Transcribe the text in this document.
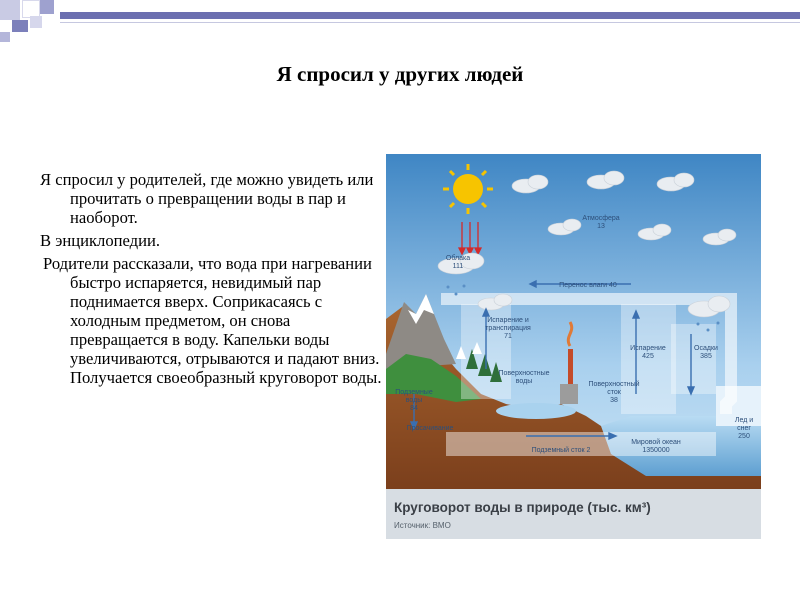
Я спросил у других людей

Я спросил у родителей, где можно увидеть или прочитать о превращении воды в пар и наоборот.

В энциклопедии.

Родители рассказали, что вода при нагревании быстро испаряется, невидимый пар поднимается вверх. Соприкасаясь с холодным предметом, он снова превращается в воду. Капельки воды увеличиваются, отрываются и падают вниз. Получается своеобразный круговорот воды.

Атмосфера 13
Облака 111
Перенос влаги 40
Испарение и транспирация 71
Испарение 425
Осадки 385
Поверхностные воды	Поверхностный сток 38
Подземные воды 84
Просачивание
Подземный сток 2
Мировой океан 1350000
Лед и снег 250
Круговорот воды в природе (тыс. км³)
Источник: ВМО
